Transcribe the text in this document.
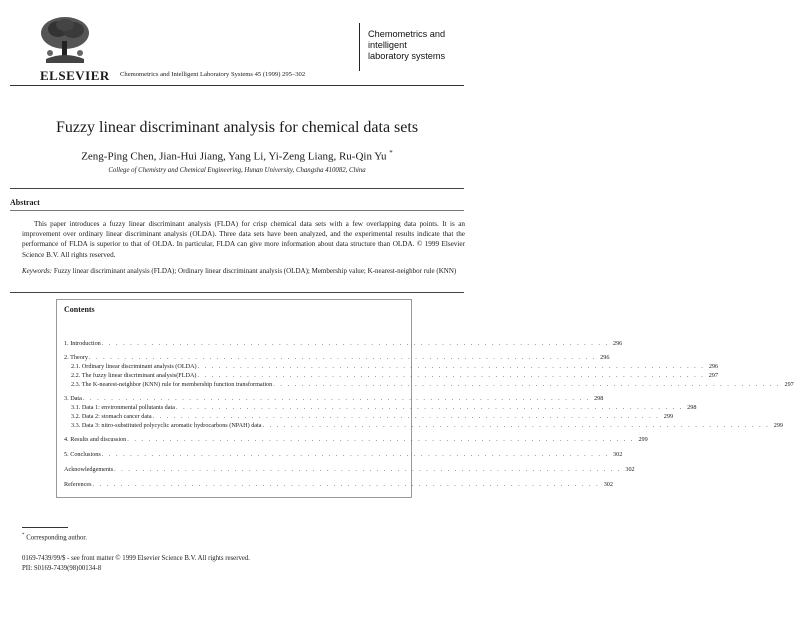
ELSEVIER Chemometrics and Intelligent Laboratory Systems 45 (1999) 295–302
Chemometrics and
intelligent
laboratory systems
Fuzzy linear discriminant analysis for chemical data sets
Zeng-Ping Chen, Jian-Hui Jiang, Yang Li, Yi-Zeng Liang, Ru-Qin Yu *
College of Chemistry and Chemical Engineering, Hunan University, Changsha 410082, China
Abstract
This paper introduces a fuzzy linear discriminant analysis (FLDA) for crisp chemical data sets with a few overlapping data points. It is an improvement over ordinary linear discriminant analysis (OLDA). Three data sets have been analyzed, and the experimental results indicate that the performance of FLDA is superior to that of OLDA. In particular, FLDA can give more information about data structure than OLDA. © 1999 Elsevier Science B.V. All rights reserved.
Keywords: Fuzzy linear discriminant analysis (FLDA); Ordinary linear discriminant analysis (OLDA); Membership value; K-nearest-neighbor rule (KNN)
Contents
1. Introduction . . . . . . . . . . . . . . . . . . . . . . . . . . . . . . . . . . . . . . . . . . . . . . . . . . . . . . . . . . . . . . . . . . . . . . . . 296
2. Theory . . . . . . . . . . . . . . . . . . . . . . . . . . . . . . . . . . . . . . . . . . . . . . . . . . . . . . . . . . . . . . . . . . . . . . . . 296
2.1. Ordinary linear discriminant analysis (OLDA) . . . . . . . . . . . . . . . . . . . . . . . . . . . . . . . . . . . . . . . . . . . . . . . . . . . . . . . . . . . . . . . . . . . . . . . . 296
2.2. The fuzzy linear discriminant analysis(FLDA) . . . . . . . . . . . . . . . . . . . . . . . . . . . . . . . . . . . . . . . . . . . . . . . . . . . . . . . . . . . . . . . . . . . . . . . . 297
2.3. The K-nearest-neighbor (KNN) rule for membership function transformation . . . . . . . . . . . . . . . . . . . . . . . . . . . . . . . . . . . . . . . . . . . . . . . . . . . . . . . . . . . . . . . . . . . . . . . . 297
3. Data . . . . . . . . . . . . . . . . . . . . . . . . . . . . . . . . . . . . . . . . . . . . . . . . . . . . . . . . . . . . . . . . . . . . . . . . 298
3.1. Data 1: environmental pollutants data . . . . . . . . . . . . . . . . . . . . . . . . . . . . . . . . . . . . . . . . . . . . . . . . . . . . . . . . . . . . . . . . . . . . . . . . 298
3.2. Data 2: stomach cancer data . . . . . . . . . . . . . . . . . . . . . . . . . . . . . . . . . . . . . . . . . . . . . . . . . . . . . . . . . . . . . . . . . . . . . . . . 299
3.3. Data 3: nitro-substituted polycyclic aromatic hydrocarbons (NPAH) data . . . . . . . . . . . . . . . . . . . . . . . . . . . . . . . . . . . . . . . . . . . . . . . . . . . . . . . . . . . . . . . . . . . . . . . . 299
4. Results and discussion . . . . . . . . . . . . . . . . . . . . . . . . . . . . . . . . . . . . . . . . . . . . . . . . . . . . . . . . . . . . . . . . . . . . . . . . 299
5. Conclusions . . . . . . . . . . . . . . . . . . . . . . . . . . . . . . . . . . . . . . . . . . . . . . . . . . . . . . . . . . . . . . . . . . . . . . . . 302
Acknowledgements . . . . . . . . . . . . . . . . . . . . . . . . . . . . . . . . . . . . . . . . . . . . . . . . . . . . . . . . . . . . . . . . . . . . . . . . 302
References . . . . . . . . . . . . . . . . . . . . . . . . . . . . . . . . . . . . . . . . . . . . . . . . . . . . . . . . . . . . . . . . . . . . . . . . 302
* Corresponding author.
0169-7439/99/$ - see front matter © 1999 Elsevier Science B.V. All rights reserved.
PII: S0169-7439(98)00134-8
